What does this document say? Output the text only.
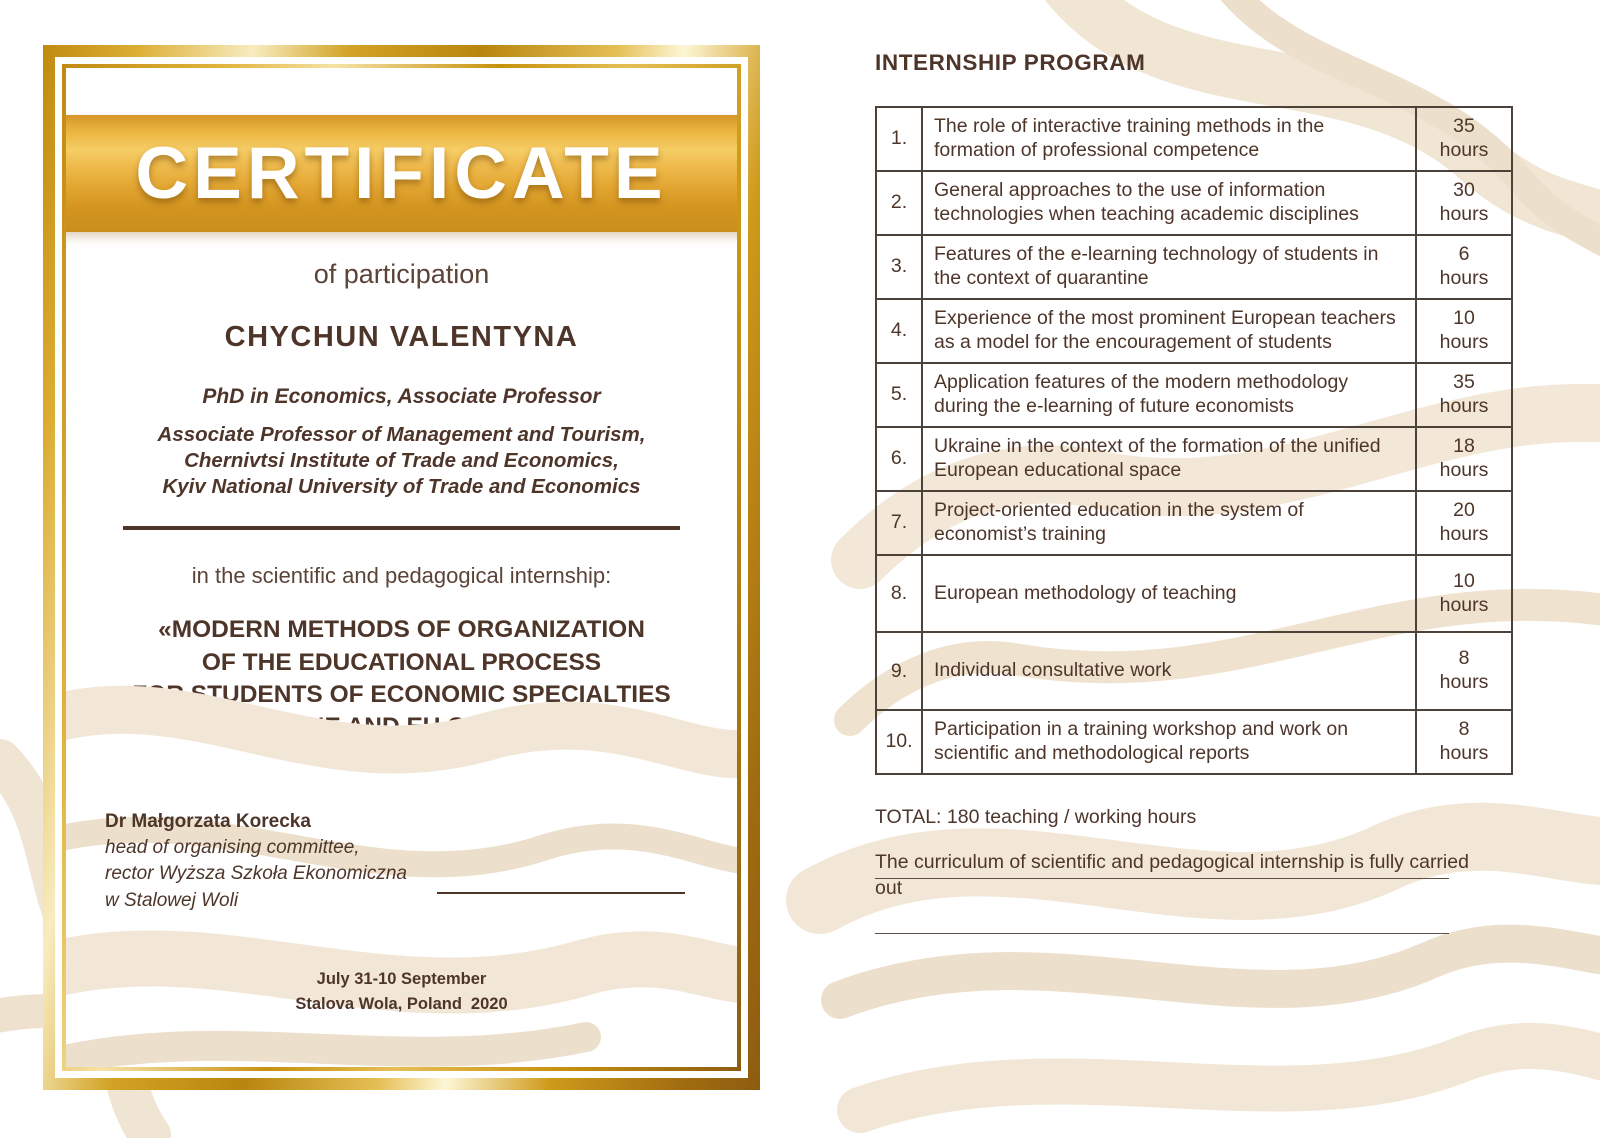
CERTIFICATE
of participation
CHYCHUN VALENTYNA
PhD in Economics, Associate Professor
Associate Professor of Management and Tourism,
Chernivtsi Institute of Trade and Economics,
Kyiv National University of Trade and Economics
in the scientific and pedagogical internship:
«MODERN METHODS OF ORGANIZATION
OF THE EDUCATIONAL PROCESS
FOR STUDENTS OF ECONOMIC SPECIALTIES
IN UKRAINE AND EU COUNTRIES»
Dr Małgorzata Korecka
head of organising committee,
rector Wyższa Szkoła Ekonomiczna
w Stalowej Woli
July 31-10 September
Stalova Wola, Poland 2020
INTERNSHIP PROGRAM
1.	The role of interactive training methods in the formation of professional competence	35
hours

2.	General approaches to the use of information technologies when teaching academic disciplines	30
hours

3.	Features of the e-learning technology of students in the context of quarantine	6
hours

4.	Experience of the most prominent European teachers as a model for the encouragement of students	10
hours

5.	Application features of the modern methodology during the e-learning of future economists	35
hours

6.	Ukraine in the context of the formation of the unified European educational space	18
hours

7.	Project-oriented education in the system of economist’s training	20
hours

8.	European methodology of teaching	10
hours

9.	Individual consultative work	8
hours

10.	Participation in a training workshop and work on scientific and methodological reports	8
hours

TOTAL: 180 teaching / working hours

The curriculum of scientific and pedagogical internship is fully carried out
